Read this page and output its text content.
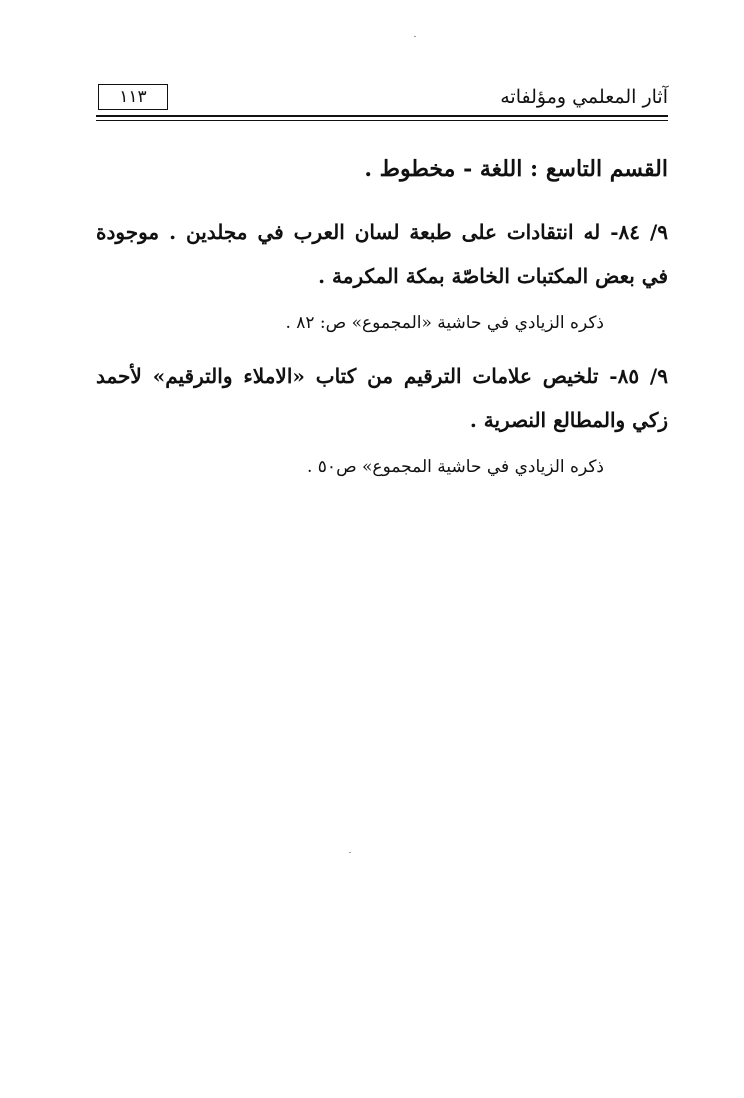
١١٣	آثار المعلمي ومؤلفاته
القسم التاسع : اللغة - مخطوط .

٩/ ٨٤- له انتقادات على طبعة لسان العرب في مجلدين . موجودة في بعض المكتبات الخاصّة بمكة المكرمة .

ذكره الزيادي في حاشية «المجموع» ص: ٨٢ .

٩/ ٨٥- تلخيص علامات الترقيم من كتاب «الاملاء والترقيم» لأحمد زكي والمطالع النصرية .

ذكره الزيادي في حاشية المجموع» ص٥٠ .
